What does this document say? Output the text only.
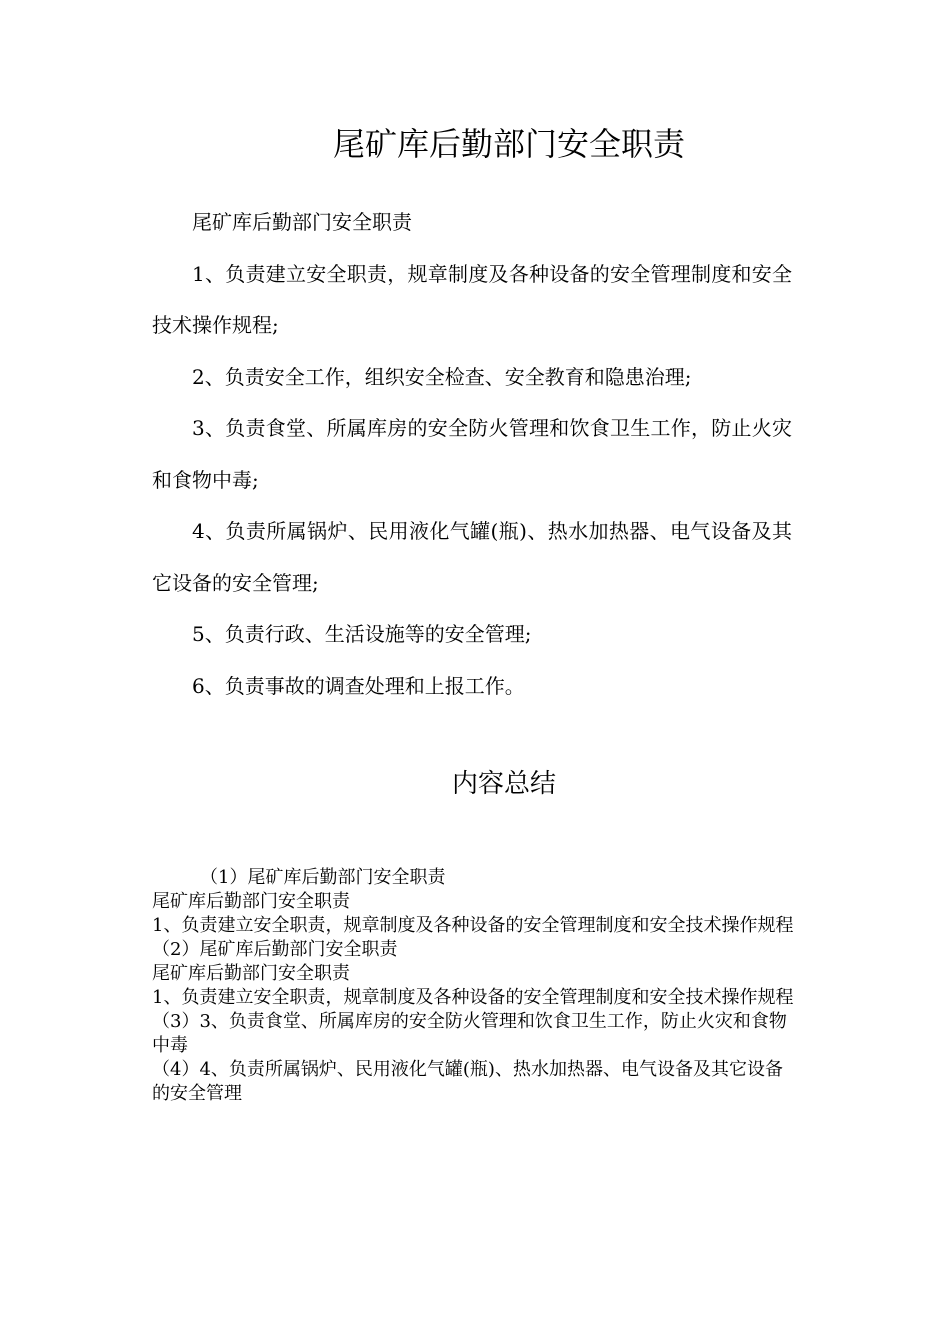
尾矿库后勤部门安全职责

尾矿库后勤部门安全职责

1、负责建立安全职责，规章制度及各种设备的安全管理制度和安全技术操作规程;

2、负责安全工作，组织安全检查、安全教育和隐患治理;

3、负责食堂、所属库房的安全防火管理和饮食卫生工作，防止火灾和食物中毒;

4、负责所属锅炉、民用液化气罐(瓶)、热水加热器、电气设备及其它设备的安全管理;

5、负责行政、生活设施等的安全管理;

6、负责事故的调查处理和上报工作。

内容总结

（1）尾矿库后勤部门安全职责

尾矿库后勤部门安全职责

1、负责建立安全职责，规章制度及各种设备的安全管理制度和安全技术操作规程

（2）尾矿库后勤部门安全职责

尾矿库后勤部门安全职责

1、负责建立安全职责，规章制度及各种设备的安全管理制度和安全技术操作规程

（3）3、负责食堂、所属库房的安全防火管理和饮食卫生工作，防止火灾和食物中毒

（4）4、负责所属锅炉、民用液化气罐(瓶)、热水加热器、电气设备及其它设备的安全管理
